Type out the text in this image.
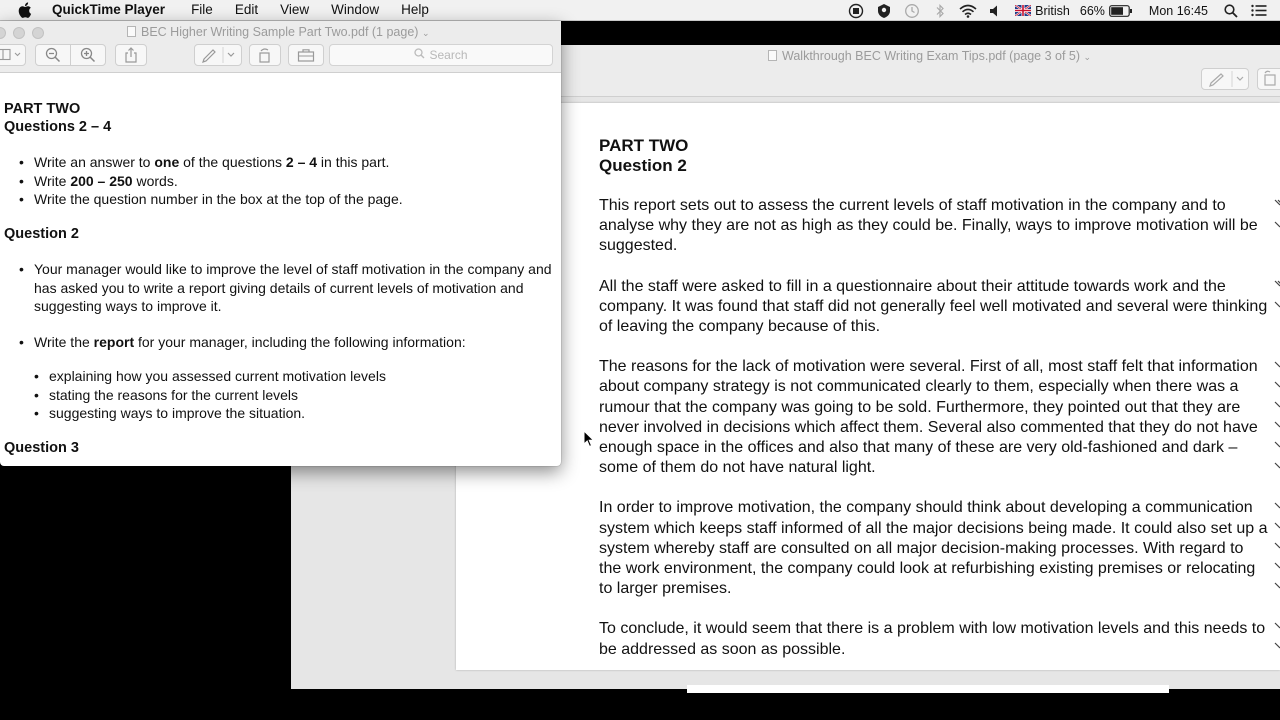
QuickTime Player File Edit View Window Help	British 66%	Mon 16:45
Walkthrough BEC Writing Exam Tips.pdf (page 3 of 5) ⌄
PART TWO
Question 2

This report sets out to assess the current levels of staff motivation in the company and to analyse why they are not as high as they could be. Finally, ways to improve motivation will be suggested.

All the staff were asked to fill in a questionnaire about their attitude towards work and the company. It was found that staff did not generally feel well motivated and several were thinking of leaving the company because of this.

The reasons for the lack of motivation were several. First of all, most staff felt that information about company strategy is not communicated clearly to them, especially when there was a rumour that the company was going to be sold. Furthermore, they pointed out that they are never involved in decisions which affect them. Several also commented that they do not have enough space in the offices and also that many of these are very old-fashioned and dark – some of them do not have natural light.

In order to improve motivation, the company should think about developing a communication system which keeps staff informed of all the major decisions being made. It could also set up a system whereby staff are consulted on all major decision-making processes. With regard to the work environment, the company could look at refurbishing existing premises or relocating to larger premises.

To conclude, it would seem that there is a problem with low motivation levels and this needs to be addressed as soon as possible.

BEC Higher Writing Sample Part Two.pdf (1 page) ⌄
Search
PART TWO
Questions 2 – 4
• Write an answer to one of the questions 2 – 4 in this part.
• Write 200 – 250 words.
• Write the question number in the box at the top of the page.
Question 2
• Your manager would like to improve the level of staff motivation in the company and has asked you to write a report giving details of current levels of motivation and suggesting ways to improve it.
• Write the report for your manager, including the following information:
• explaining how you assessed current motivation levels
• stating the reasons for the current levels
• suggesting ways to improve the situation.
Question 3
